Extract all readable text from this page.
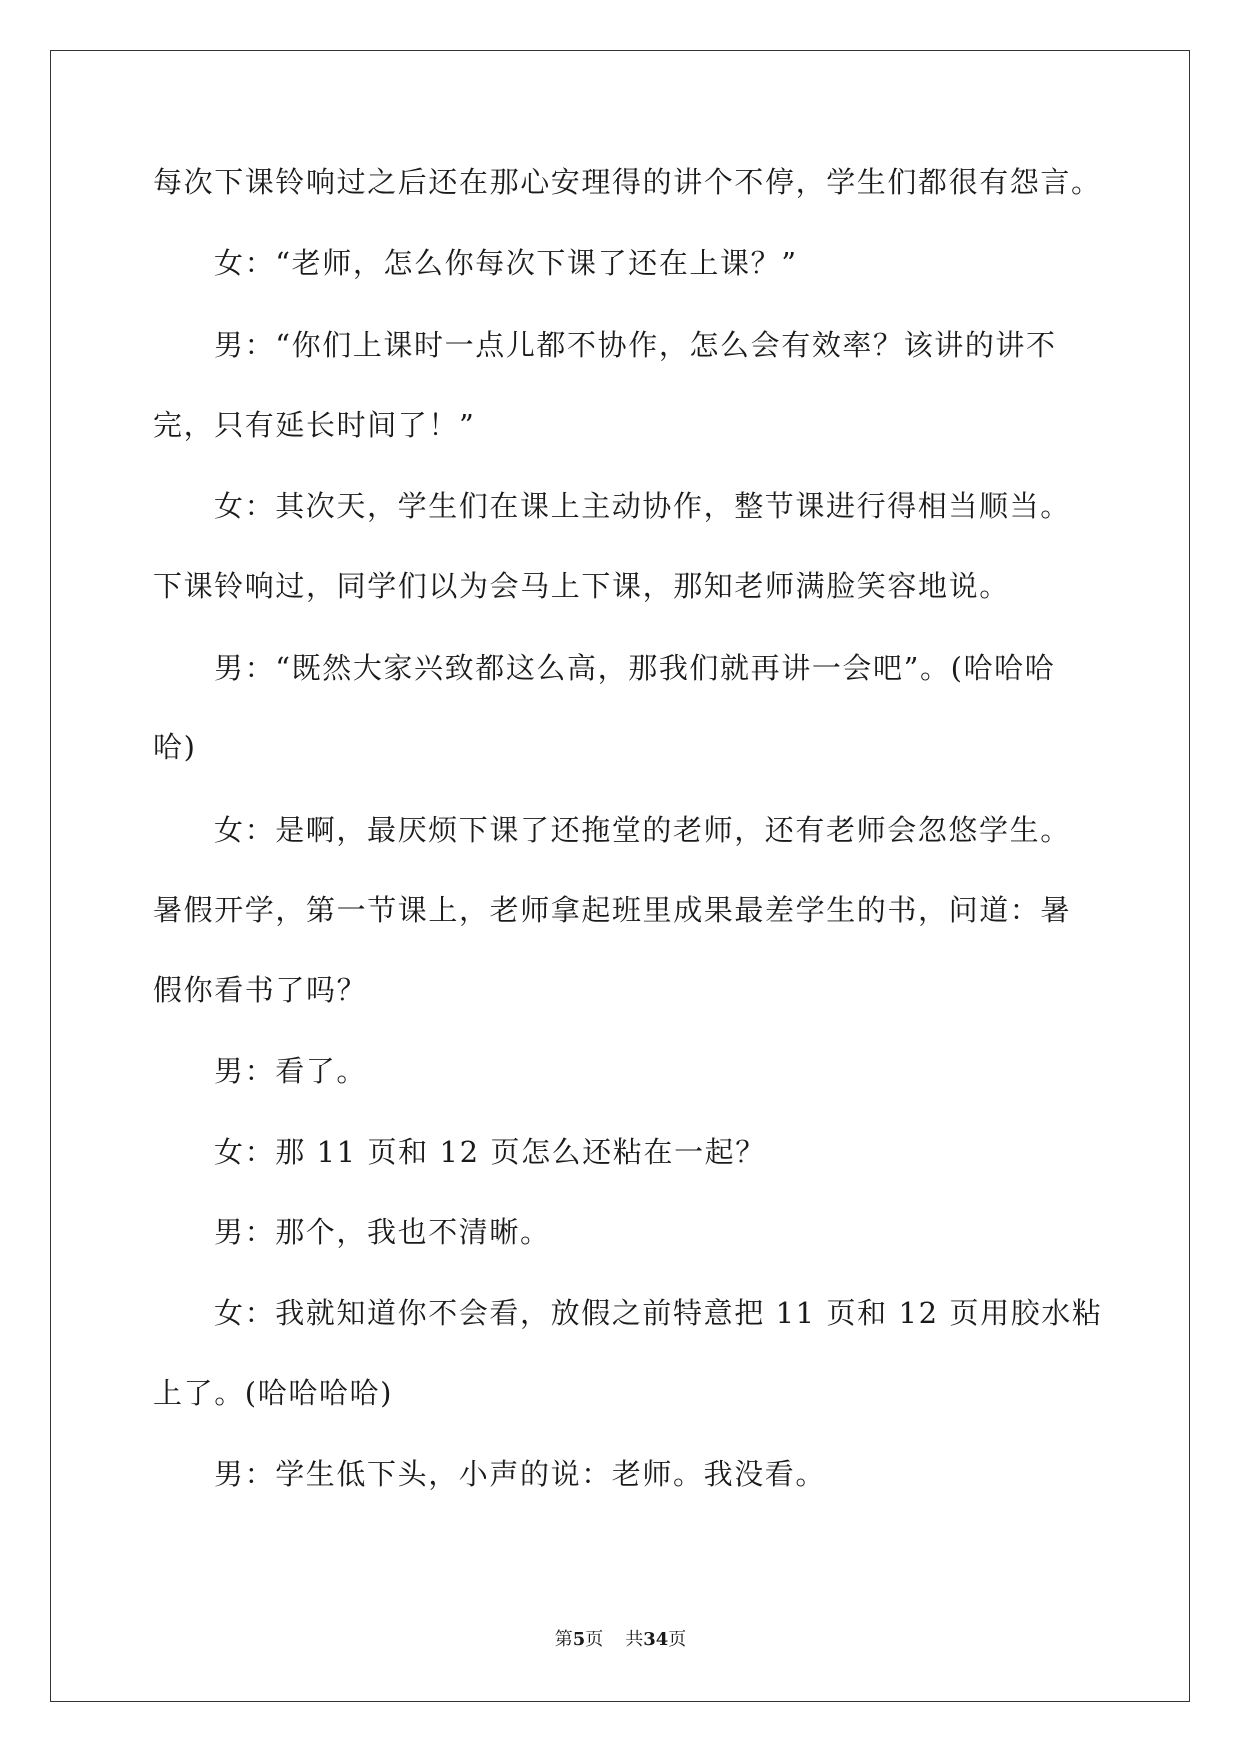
每次下课铃响过之后还在那心安理得的讲个不停，学生们都很有怨言。
女：“老师，怎么你每次下课了还在上课？”
男：“你们上课时一点儿都不协作，怎么会有效率？该讲的讲不
完，只有延长时间了！”
女：其次天，学生们在课上主动协作，整节课进行得相当顺当。
下课铃响过，同学们以为会马上下课，那知老师满脸笑容地说。
男：“既然大家兴致都这么高，那我们就再讲一会吧”。(哈哈哈
哈)
女：是啊，最厌烦下课了还拖堂的老师，还有老师会忽悠学生。
暑假开学，第一节课上，老师拿起班里成果最差学生的书，问道：暑
假你看书了吗？
男：看了。
女：那 11 页和 12 页怎么还粘在一起？
男：那个，我也不清晰。
女：我就知道你不会看，放假之前特意把 11 页和 12 页用胶水粘
上了。(哈哈哈哈)
男：学生低下头，小声的说：老师。我没看。
第5页 共34页
